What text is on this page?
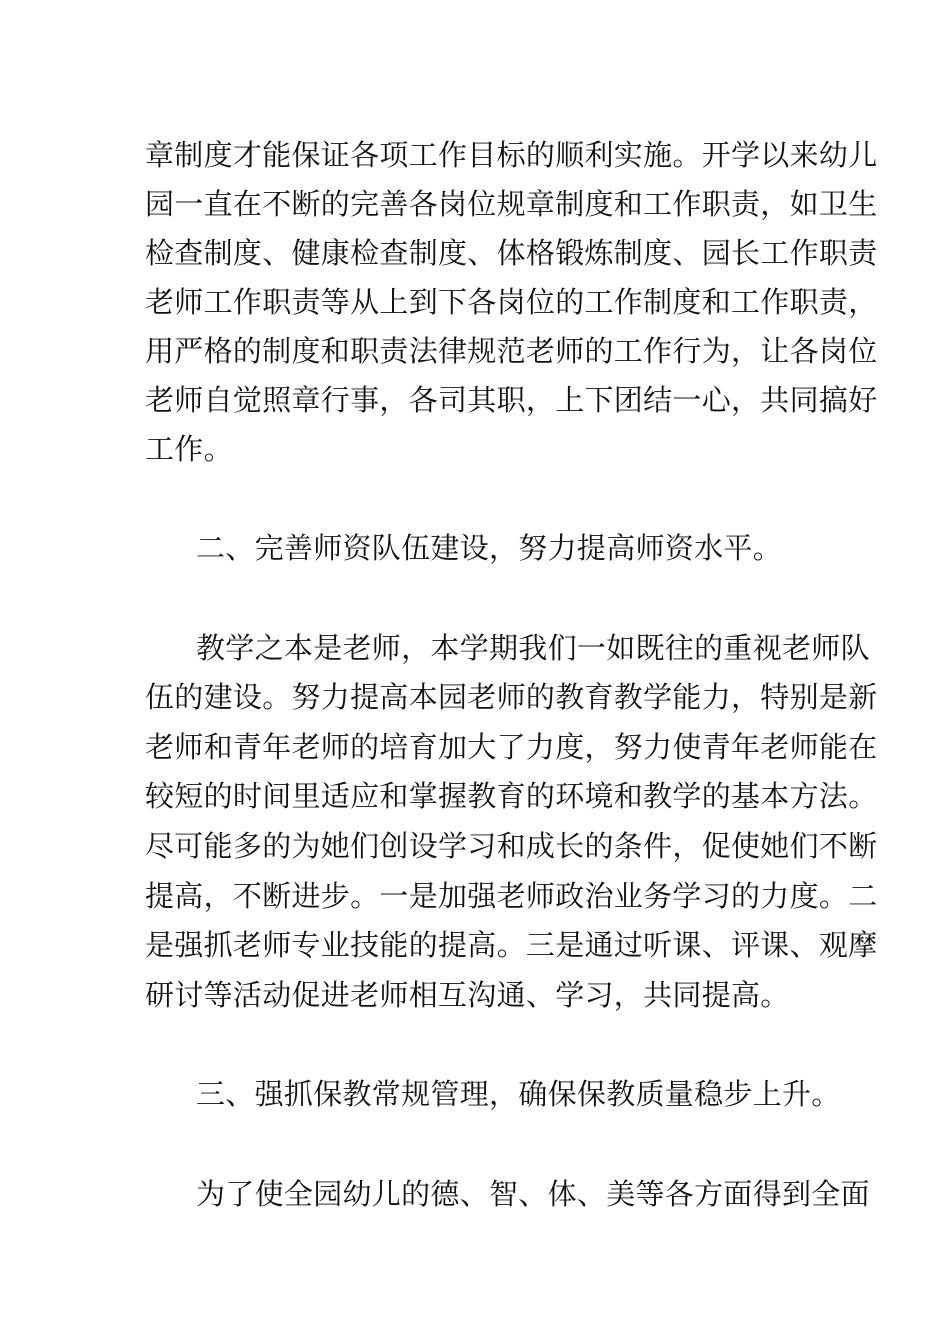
章制度才能保证各项工作目标的顺利实施。开学以来幼儿
园一直在不断的完善各岗位规章制度和工作职责，如卫生
检查制度、健康检查制度、体格锻炼制度、园长工作职责
老师工作职责等从上到下各岗位的工作制度和工作职责，
用严格的制度和职责法律规范老师的工作行为，让各岗位
老师自觉照章行事，各司其职，上下团结一心，共同搞好
工作。
二、完善师资队伍建设，努力提高师资水平。
教学之本是老师，本学期我们一如既往的重视老师队
伍的建设。努力提高本园老师的教育教学能力，特别是新
老师和青年老师的培育加大了力度，努力使青年老师能在
较短的时间里适应和掌握教育的环境和教学的基本方法。
尽可能多的为她们创设学习和成长的条件，促使她们不断
提高，不断进步。一是加强老师政治业务学习的力度。二
是强抓老师专业技能的提高。三是通过听课、评课、观摩
研讨等活动促进老师相互沟通、学习，共同提高。
三、强抓保教常规管理，确保保教质量稳步上升。
为了使全园幼儿的德、智、体、美等各方面得到全面
